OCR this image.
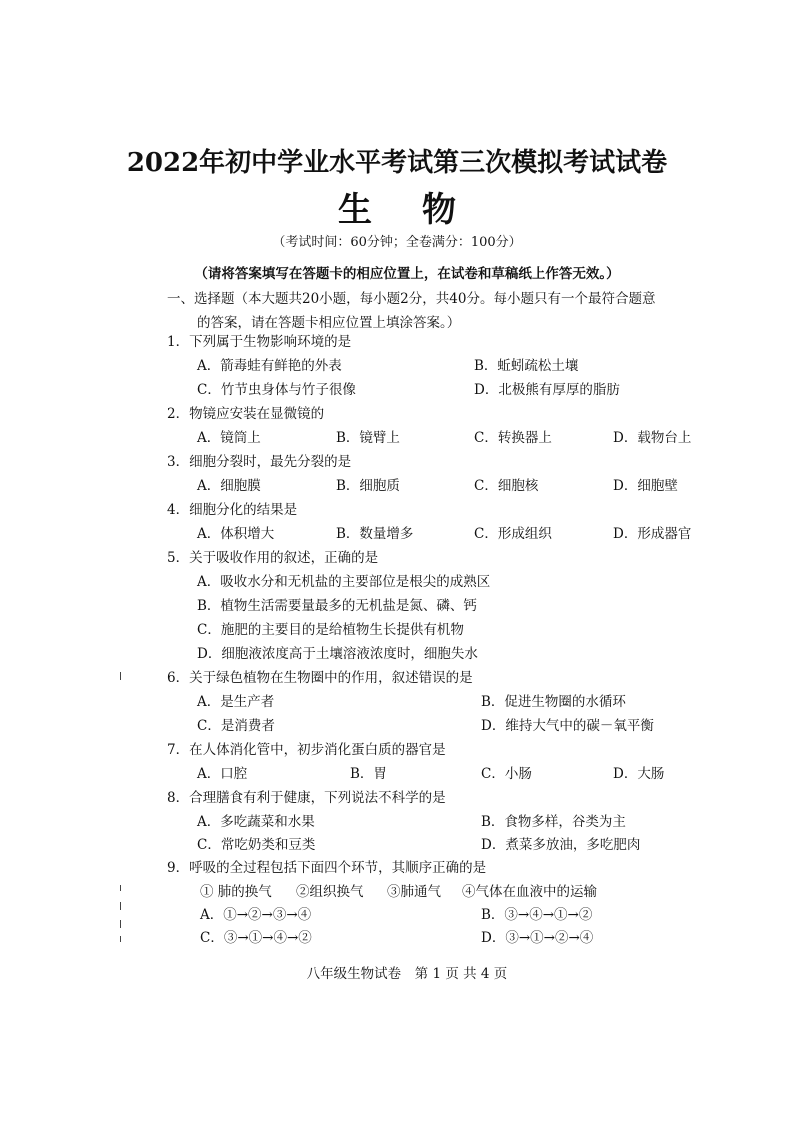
2022年初中学业水平考试第三次模拟考试试卷
生物
（考试时间：60分钟；全卷满分：100分）
（请将答案填写在答题卡的相应位置上，在试卷和草稿纸上作答无效。）
一、选择题（本大题共20小题，每小题2分，共40分。每小题只有一个最符合题意
的答案，请在答题卡相应位置上填涂答案。）
1．下列属于生物影响环境的是
A．箭毒蛙有鲜艳的外表	B．蚯蚓疏松土壤
C．竹节虫身体与竹子很像	D．北极熊有厚厚的脂肪
2．物镜应安装在显微镜的
A．镜筒上	B．镜臂上	C．转换器上	D．载物台上
3．细胞分裂时，最先分裂的是
A．细胞膜	B．细胞质	C．细胞核	D．细胞壁
4．细胞分化的结果是
A．体积增大	B．数量增多	C．形成组织	D．形成器官
5．关于吸收作用的叙述，正确的是
A．吸收水分和无机盐的主要部位是根尖的成熟区
B．植物生活需要量最多的无机盐是氮、磷、钙
C．施肥的主要目的是给植物生长提供有机物
D．细胞液浓度高于土壤溶液浓度时，细胞失水
6．关于绿色植物在生物圈中的作用，叙述错误的是
A．是生产者	B．促进生物圈的水循环
C．是消费者	D．维持大气中的碳－氧平衡
7．在人体消化管中，初步消化蛋白质的器官是
A．口腔	B．胃	C．小肠	D．大肠
8．合理膳食有利于健康，下列说法不科学的是
A．多吃蔬菜和水果	B．食物多样，谷类为主
C．常吃奶类和豆类	D．煮菜多放油，多吃肥肉
9．呼吸的全过程包括下面四个环节，其顺序正确的是
① 肺的换气 ②组织换气 ③肺通气 ④气体在血液中的运输
A．①→②→③→④	B．③→④→①→②
C．③→①→④→②	D．③→①→②→④
八年级生物试卷　第 1 页 共 4 页
